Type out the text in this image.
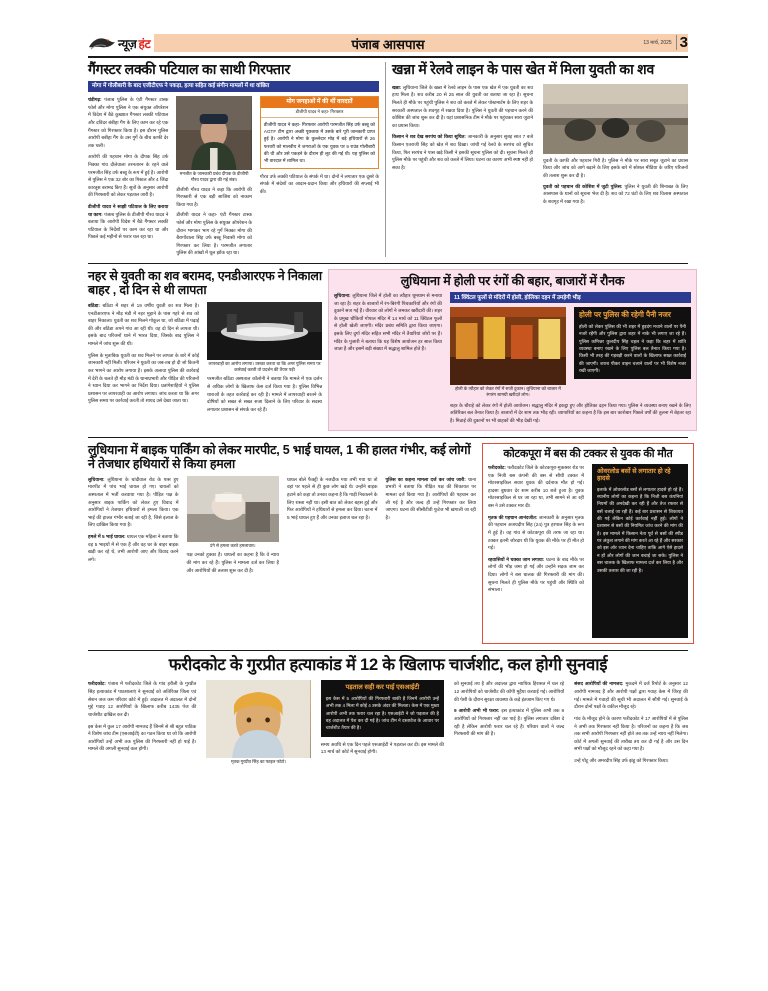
न्यूज़ हंट	पंजाब आसपास	13 मार्च, 2025 3
गैंगस्टर लक्की पटियाल का साथी गिरफ्तार
मोगा में गोलीबारी के बाद एजीटीएफ ने पकड़ा, हत्या सहित कई संगीन मामलों में था वांछित

चंडीगढ़: पंजाब पुलिस के एंटी गैंगस्टर टास्क फोर्स और मोगा पुलिस ने एक संयुक्त ऑपरेशन में विदेश में बैठे कुख्यात गैंगस्टर लक्की पटियाल और दविंदर बंबीहा गैंग के लिए काम कर रहे एक गैंगस्टर को गिरफ्तार किया है। इस दौरान पुलिस आरोपी बबीहा गैंग के उस गुर्गे के बीच काफी देर तक चली।

आरोपी की पहचान मोगा के दीपक सिंह उर्फ निक्का गांव दौलेवाला तरनतारन के रहने वाले परमजीत सिंह उर्फ बब्बू के रूप में हुई है। आरोपी से पुलिस ने एक 32 बोर का पिस्टल और 4 जिंदा कारतूस बरामद किए हैं। सूत्रों के अनुसार आरोपी की गिरफ्तारी को लेकर पड़ताल जारी है।

डीजीपी यादव ने साझी पटियाल के लिए कराया था काम: पंजाब पुलिस के डीजीपी गौरव यादव ने बताया कि आरोपी विदेश में बैठे गैंगस्टर लक्की पटियाल के निर्देशों पर काम कर रहा था और पिछले कई महीनों से फरार चल रहा था।

मनजीत के जानकारी प्रबंध दीपक के डीजीपी गौरव यादव द्वारा की गई संत्रा।

डीजीपी गौरव यादव ने कहा कि आरोपी की गिरफ्तारी से एक बड़ी साजिश को नाकाम किया गया है।

डीजीपी यादव ने कहा- एंटी गैंगस्टर टास्क फोर्स और मोगा पुलिस के संयुक्त ऑपरेशन के दौरान भागकर भाग रहे गुर्गे निक्का मोगा की बैरागोंवाला सिंह उर्फ बब्बू निवासी मोगा को गिरफ्तार कर लिया है। परमजीत लगातार पुलिस की आंखों में धूल झोंक रहा था।

मोग जगहाओं में की थीं वारदातें
डीजीपी यादव ने कहा- गिरफ्तार
डीजीपी यादव ने कहा- गिरफ्तार आरोपी परमजीत सिंह उर्फ बब्बू को AGTF टीम द्वारा अच्छी पूछताछ में उसके बारे पूरी जानकारी प्राप्त हुई है। आरोपी ने मोगा के कुल्लेदार मोड़ में बड़े हथियारों से 26 फरवरी को मालवीय ने जगराओं के एक युवक पर 9 राउंड गोलीबारी की थी और उसे पकड़ने के दौरान ही लूट की गई थी। यह पुलिस को भी वारदात में शामिल था।

गौरव उर्फ लक्की पटियाल के संपर्क में था। दोनों ने लगातार एक दूसरे के संपर्क में संदेशों का आदान-प्रदान किया और हथियारों की सप्लाई भी की।

खन्ना में रेलवे लाइन के पास खेत में मिला युवती का शव

खन्ना: लुधियाना जिले के खन्ना में रेलवे लाइन के पास एक खेत में एक युवती का शव हाथ मिला है। शव करीब 20 से 25 साल की युवती का बताया जा रहा है। सूचना मिलते ही मौके पर पहुंची पुलिस ने शव को कब्जे में लेकर पोस्टमार्टम के लिए शहर के सरकारी अस्पताल के शवगृह में रखवा दिया है। पुलिस ने युवती की पहचान करने की कोशिश की जांच शुरू कर दी है। यहां प्रशासनिक टीम ने मौके पर पहुंचकर सारा जुटाने का प्रयास किया।

किसान ने शव देख सरपंच को किया सूचित: जानकारी के अनुसार सुबह सात 7 बजे किसान एतराजी सिंह को खेत में शव दिखा। जांची गई रेलवे के सरपंच को सूचित किया, फिर सरपंच ने पास खड़े किसी ने इसकी सूचना पुलिस को दी। सूचना मिलते ही पुलिस मौके पर पहुंची और शव को कब्जे में लिया। घटना का कारण अभी स्पष्ट नहीं हो सका है।

युवती के काफी और पहचान गिरी है। पुलिस ने मौके पर सारा सबूत जुटाने का प्रयास किया और जांच को आगे बढ़ाने के लिए इसके बारे में सोशल मीडिया के जरिए परिजनों की तलाश शुरू कर दी है।

युवती को पहचान की कोशिश में जुटी पुलिस: पुलिस ने युवती की शिनाख्त के लिए आसपास के थानों को सूचना भेज दी है। शव को 72 घंटों के लिए शव विलास अस्पताल के शवगृह में रखा गया है।

नहर से युवती का शव बरामद, एनडीआरएफ ने निकाला बाहर , दो दिन से थी लापता

बठिंडा: बठिंडा में शहर से 19 वर्षीय युवती का शव मिला है। एनडीआरएफ ने मौड़ मंडी में नहर मुहाने के पास गहरे से शव को बाहर निकाला। युवती का शव मिलने गोकुल था, जो बठिंडा में पढ़ाई की और बठिंडा अपने गांव आ रही थी। वह दो दिन से लापता थी। इसके बाद परिजनों थाने में भारत दिया, जिसके बाद पुलिस ने मामले में जांच शुरू की थी।

पुलिस के मुताबिक युवती का शव मिलने पर लापता के बारे में कोई जानकारी नहीं मिली। परिजन ने युवती का जब-तब हो दी जो कितनी कर भागने का आरोप लगाया है। इसके अलावा पुलिस की कार्रवाई में देरी के चलते ही मौड़ मंडी के थानाप्रभारी और पीड़ित की परिजनों ने ध्यान दिया कर भागने का निर्देश दिया। प्रतांगेशाहियों ने पुलिस प्रशासन पर लापरवाही का आरोप लगाया। जांच करता था कि अगर पुलिस समय पर कार्रवाई करती तो शायद उसे देखा जाता था।

लापरवाही का आरोप लगाया। उसका करता था कि अगर पुलिस समय पर कार्रवाई करती तो प्रदर्शन की तैयार पड़ी

परमजीत बठिंडा अस्पताल कॉलोनी ने बताया कि मामले में एक दर्जन से अधिक लोगों के खिलाफ केस दर्ज किया गया है। पुलिस विभिन्न धाराओं के तहत कार्रवाई कर रही है। मामले में लापरवाही बरतने के दोषियों को सख्त से सख्त सजा दिलाने के लिए परिवार के सदस्य लगातार प्रशासन से संपर्क कर रहे हैं।

लुधियाना में होली पर रंगों की बहार, बाजारों में रौनक

लुधियाना: लुधियाना जिले में होली का त्यौहार धूमधाम से मनाया जा रहा है। शहर के बाजारों में रंग-बिरंगी पिचकारियों और रंगों की दुकानें सज गई हैं। वीरवार को लोगों ने जमकर खरीदारी की। शहर के प्रमुख चौकियों गोपाल मंदिर में 14 मार्च को 11 क्विंटल फूलों से होली खेली जाएगी। मंदिर प्रबंध समिति द्वारा किया जाएगा। इसके लिए दुर्गा मंदिर सहित सभी मंदिर में तैयारियां जोरों पर हैं। मंदिर के पुजारी ने बताया कि यह विशेष आयोजन हर साल किया जाता है और इसमें बड़ी संख्या में श्रद्धालु शामिल होते हैं।

11 क्विंटल फूलों से मंदिरों में होली, होलिका दहन में उमड़ेगी भीड़
होली के त्यौहार को लेकर रंगों में सजी दुकान। लुधियाना को बाजार में रंगारंग सामग्री खरीदते लोग।
होली पर पुलिस की रहेगी पैनी नजर
होली को लेकर पुलिस की भी शहर में हुड़दंग मचाने वालों पर पैनी नजरें रहेंगी और पुलिस द्वारा शहर में नाके भी लगाए जा रहे हैं। पुलिस कमिश्नर कुलदीप सिंह चहल ने कहा कि शहर में शांति व्यवस्था बनाए रखने के लिए पुलिस बल तैनात किया गया है। किसी भी तरह की गड़बड़ी करने वालों के खिलाफ सख्त कार्रवाई की जाएगी। शराब पीकर वाहन चलाने वालों पर भी विशेष नजर रखी जाएगी।

शहर के चौराहे को लेकर रंगों में होली आयोजन। श्रद्धालु मंदिर में इकट्ठा हुए और होलिका दहन किया गया। पुलिस ने व्यवस्था बनाए रखने के लिए अतिरिक्त बल तैनात किया है। बाजारों में देर शाम तक भीड़ रही। व्यापारियों का कहना है कि इस बार कारोबार पिछले वर्षों की तुलना में बेहतर रहा है। मिठाई की दुकानों पर भी ग्राहकों की भीड़ देखी गई।

लुधियाना में बाइक पार्किंग को लेकर मारपीट, 5 भाई घायल, 1 की हालत गंभीर, कई लोगों ने तेजधार हथियारों से किया हमला

लुधियाना: लुधियाना के चांदीवाल रोड के पास हुए मारपीट में पांच भाई घायल हो गए। घायलों को अस्पताल में भर्ती करवाया गया है। पीड़ित पक्ष के अनुसार बाइक पार्किंग को लेकर हुए विवाद में आरोपियों ने तेजधार हथियारों से हमला किया। एक भाई की हालत गंभीर बताई जा रही है, जिसे इलाज के लिए दाखिल किया गया है।

हमले में 5 भाई घायल: घायल एक महिला ने बताया कि वह 5 भाइयों में से एक हैं और वह घर के बाहर बाइक खड़ी कर रहे थे, तभी आरोपी आए और विवाद करने लगे।

दंगे से हमला करते हमलावार।

पक्ष उनको हुक्का है। घायलों का कहना है कि वे न्याय की मांग कर रहे हैं। पुलिस ने मामला दर्ज कर लिया है और आरोपियों की तलाश शुरू कर दी है।

घायल बोले फैक्ट्री के नजदीक गया तभी गया था तो वहां पर पहले से ही कुछ लोग खड़े थे। उन्होंने बाइक हटाने को कहा तो उनका कहना है कि गाड़ी निकालने के लिए रास्ता नहीं था। इसी बात को लेकर बहस हुई और फिर आरोपियों ने हथियारों से हमला कर दिया। घटना में 5 भाई घायल हुए हैं और उनका इलाज चल रहा है।

पुलिस का कहना मामला दर्ज कर जांच जारी: थाना प्रभारी ने बताया कि पीड़ित पक्ष की शिकायत पर मामला दर्ज किया गया है। आरोपियों की पहचान कर ली गई है और जल्द ही उन्हें गिरफ्तार कर लिया जाएगा। घटना की सीसीटीवी फुटेज भी खंगाली जा रही है।

कोटकपूरा में बस की टक्कर से युवक की मौत

फरीदकोट: फरीदकोट जिले के कोटकपूरा-मुक्तसर रोड पर एक निजी बस कंपनी की बस से सीधी टक्कर में मोटरसाइकिल सवार युवक की दर्दनाक मौत हो गई। हादसा बुधवार देर शाम करीब 10 बजे हुआ है। युवक मोटरसाइकिल से घर जा रहा था, तभी सामने से आ रही बस ने उसे टक्कर मार दी।

मृतक की पहचान आनंदजीत: जानकारी के अनुसार मृतक की पहचान अजयदीप सिंह (24) पुत्र हरपाल सिंह के रूप में हुई है। वह गांव से कोटकपूरा की तरफ जा रहा था। टक्कर इतनी जोरदार थी कि युवक की मौके पर ही मौत हो गई।

रहवासियों ने चक्का जाम लगाया: घटना के बाद मौके पर लोगों की भीड़ जमा हो गई और उन्होंने सड़क जाम कर दिया। लोगों ने बस चालक की गिरफ्तारी की मांग की। सूचना मिलते ही पुलिस मौके पर पहुंची और स्थिति को संभाला।

ओवरलोड बसों से लगातार हो रहे हादसे
इलाके में ओवरलोड बसों से लगातार हादसे हो रहे हैं। स्थानीय लोगों का कहना है कि निजी बस कंपनियां नियमों की अनदेखी कर रही हैं और तेज रफ्तार से बसें चलाई जा रही हैं। कई बार प्रशासन से शिकायत की गई लेकिन कोई कार्रवाई नहीं हुई। लोगों ने प्रशासन से बसों की नियमित जांच करने की मांग की है। इस मामले में किसान नेता पूर्व से बसों की स्पीड पर अंकुश लगाने की मांग करते आ रहे हैं और सरकार को इस ओर ध्यान देना चाहिए ताकि आगे ऐसे हादसे न हों और लोगों की जान बचाई जा सके। पुलिस ने बस चालक के खिलाफ मामला दर्ज कर लिया है और उसकी तलाश की जा रही है।
फरीदकोट के गुरप्रीत हत्याकांड में 12 के खिलाफ चार्जशीट, कल होगी सुनवाई

फरीदकोट: पंजाब में फरीदकोट जिले के गांव हरीली के गुरप्रीत सिंह हत्याकांड में पाठशालाएं ने सुनवाई को अतिरिक्त जिला एवं सेशन जज कम परिवार कोर्ट में हुई। अदालत में अदालत में दोनों मुद्दे गवाह 12 आरोपियों के खिलाफ करीब 1435 पेज की चार्जशीट दाखिल कर दी।

इस केस में कुल 17 आरोपी नामजद हैं जिनमें से श्री बहुत पाठिक ने विशेष जांच टीम (एसआईटी) का गठन किया था जो कि आरोपी आरोपियों उन्हें अभी तक पुलिस की गिरफ्तारी नहीं हो पाई है। मामले की अगली सुनवाई कल होगी।

मृतक गुरप्रीत सिंह का फाइल फोटो।
पड़ताल सही कर पाई एसआईटी
इस केस में 5 आरोपियों की गिरफ्तारी बाकी है जिनमें आरोपी उन्हें अभी तक 4 मिला में कोई 4 उसके अंदर की मिलता। केस में एक मुख्य आरोपी अभी तक फरार चल रहा है। एसआईटी ने जो पड़ताल की है वह अदालत में पेश कर दी गई है। जांच टीम ने दस्तावेज के आधार पर चार्जशीट तैयार की है।

समय अवधि से एक दिन पहले एसआईटी ने पड़ताल कर दी। इस मामले की 13 मार्च को कोर्ट में सुनवाई होगी।

को सुनवाई तय है और अदालत द्वारा न्यायिक हिरासत में चल रहे 12 आरोपियों को चार्जशीट की कॉपी मुहैया करवाई गई। आरोपियों की पेशी के दौरान सुरक्षा व्यवस्था के कड़े इंतजाम किए गए थे।

9 आरोपी अभी भी फरार: इस हत्याकांड में पुलिस अभी तक 9 आरोपियों को गिरफ्तार नहीं कर पाई है। पुलिस लगातार दबिश दे रही है लेकिन आरोपी फरार चल रहे हैं। परिवार वालों ने जल्द गिरफ्तारी की मांग की है।

संसद आरोपियों की नामजद: मुकदमे में दर्ज रिपोर्ट के अनुसार 12 आरोपी नामजद हैं और आरोपी पक्षों द्वारा गवाह केस में जिरह की गई। मामले में गवाहों की सूची भी अदालत में सौंपी गई। सुनवाई के दौरान दोनों पक्षों के वकील मौजूद रहे।

गांव के मौजूद होने के कारण फरीदकोट ने 17 आरोपियों में से पुलिस ने अभी तक गिरफ्तार नहीं किया है। परिजनों का कहना है कि जब तक सभी आरोपी गिरफ्तार नहीं होते तब तक उन्हें न्याय नहीं मिलेगा। कोर्ट में अगली सुनवाई की तारीख तय कर दी गई है और उस दिन सभी पक्षों को मौजूद रहने को कहा गया है।

उन्हें पोंटू और अमरदीप सिंह उर्फ झंडू को गिरफ्तार किया।
